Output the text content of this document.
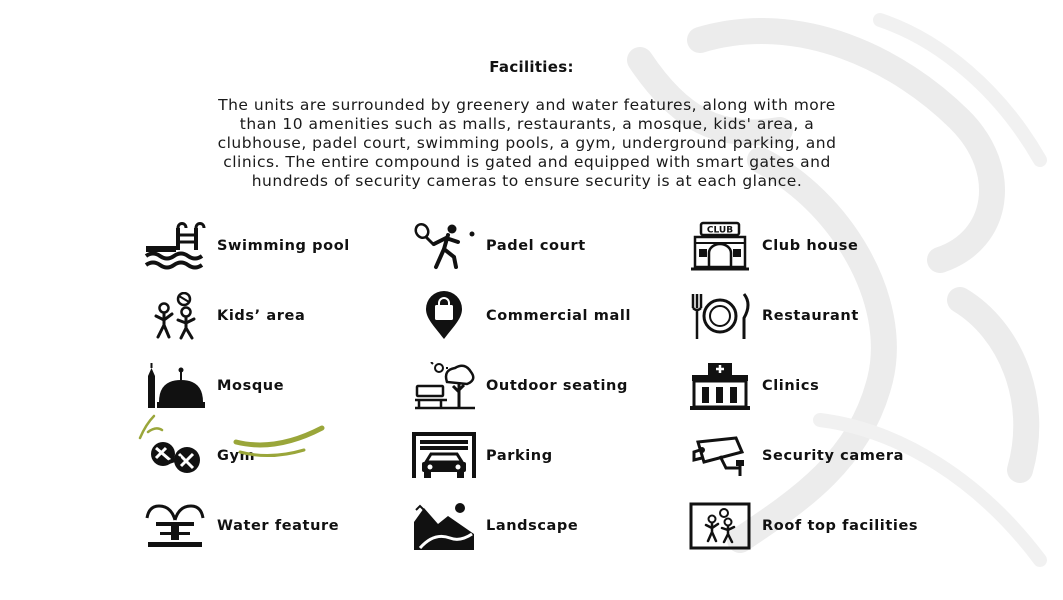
Facilities:
The units are surrounded by greenery and water features, along with more
than 10 amenities such as malls, restaurants, a mosque, kids' area, a
clubhouse, padel court, swimming pools, a gym, underground parking, and
clinics. The entire compound is gated and equipped with smart gates and
hundreds of security cameras to ensure security is at each glance.
Swimming pool
Kids’ area
Mosque
Gym
Water feature
Padel court
Commercial mall
Outdoor seating
Parking
Landscape
CLUB
Club house
Restaurant
Clinics
Security camera
Roof top facilities
